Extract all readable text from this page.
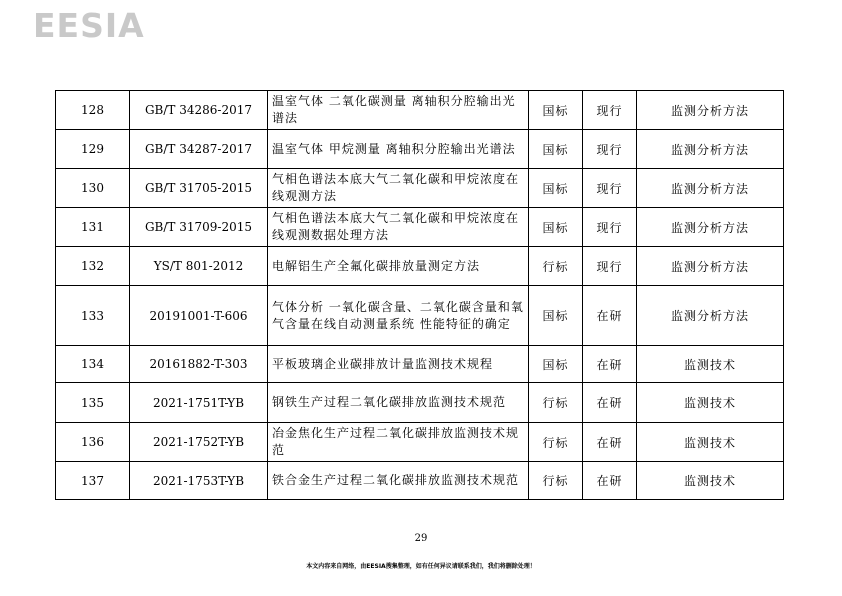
EESIA
128	GB/T 34286-2017	温室气体 二氧化碳测量 离轴积分腔输出光谱法	国标	现行	监测分析方法
129	GB/T 34287-2017	温室气体 甲烷测量 离轴积分腔输出光谱法	国标	现行	监测分析方法
130	GB/T 31705-2015	气相色谱法本底大气二氧化碳和甲烷浓度在线观测方法	国标	现行	监测分析方法
131	GB/T 31709-2015	气相色谱法本底大气二氧化碳和甲烷浓度在线观测数据处理方法	国标	现行	监测分析方法
132	YS/T 801-2012	电解铝生产全氟化碳排放量测定方法	行标	现行	监测分析方法
133	20191001-T-606	气体分析 一氧化碳含量、二氧化碳含量和氧气含量在线自动测量系统 性能特征的确定	国标	在研	监测分析方法
134	20161882-T-303	平板玻璃企业碳排放计量监测技术规程	国标	在研	监测技术
135	2021-1751T-YB	钢铁生产过程二氧化碳排放监测技术规范	行标	在研	监测技术
136	2021-1752T-YB	冶金焦化生产过程二氧化碳排放监测技术规范	行标	在研	监测技术
137	2021-1753T-YB	铁合金生产过程二氧化碳排放监测技术规范	行标	在研	监测技术
29
本文内容来自网络，由EESIA搜集整理，如有任何异议请联系我们，我们将删除处理！
